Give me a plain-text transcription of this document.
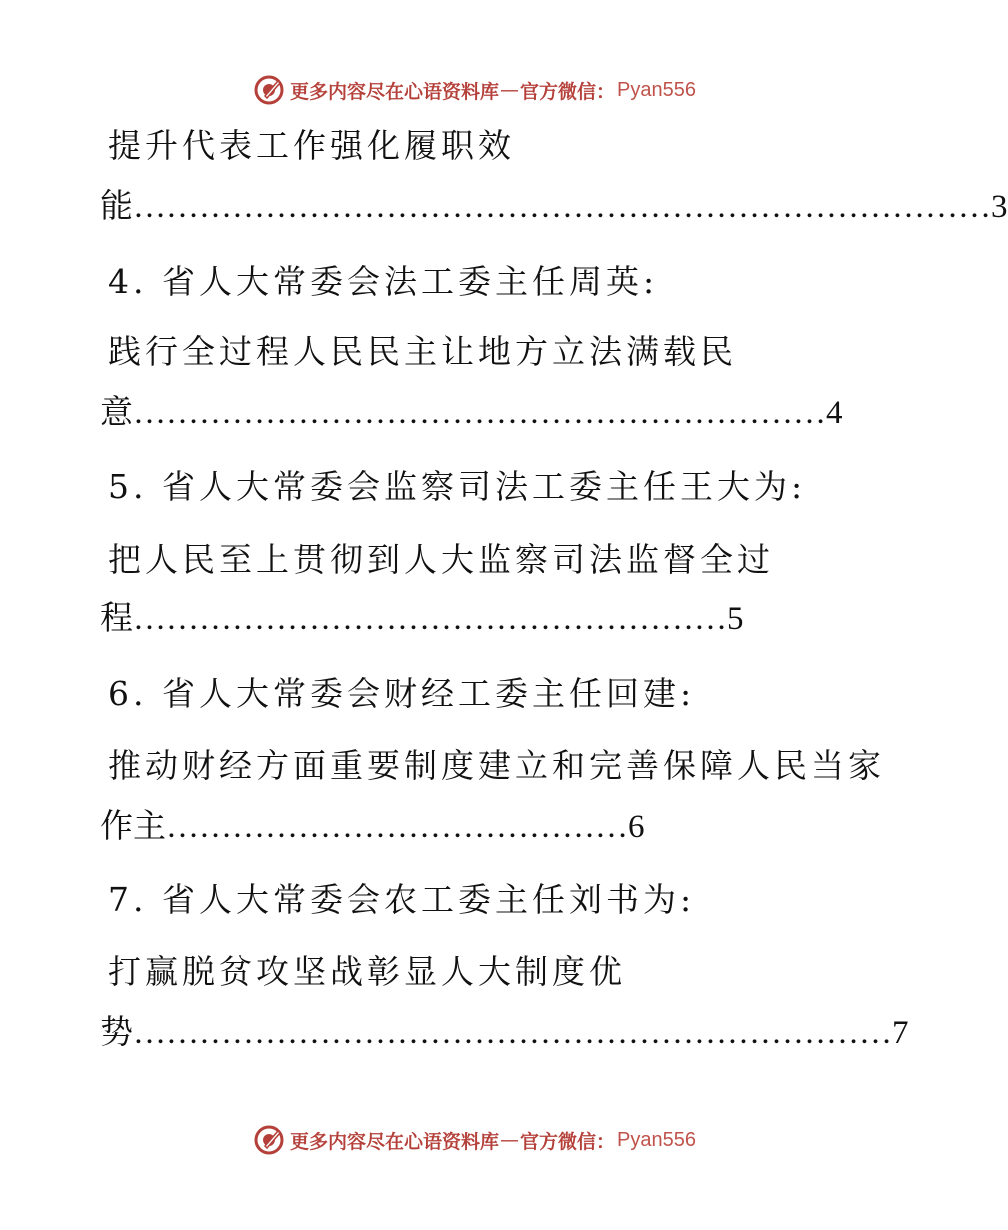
更多内容尽在心语资料库 — 官方微信： Pyan556
提升代表工作强化履职效
能……………………………………………………………………3
4. 省人大常委会法工委主任周英:
践行全过程人民民主让地方立法满载民
意………………………………………………………4
5. 省人大常委会监察司法工委主任王大为:
把人民至上贯彻到人大监察司法监督全过
程………………………………………………5
6. 省人大常委会财经工委主任回建:
推动财经方面重要制度建立和完善保障人民当家
作主……………………………………6
7. 省人大常委会农工委主任刘书为:
打赢脱贫攻坚战彰显人大制度优
势……………………………………………………………7
更多内容尽在心语资料库 — 官方微信： Pyan556
